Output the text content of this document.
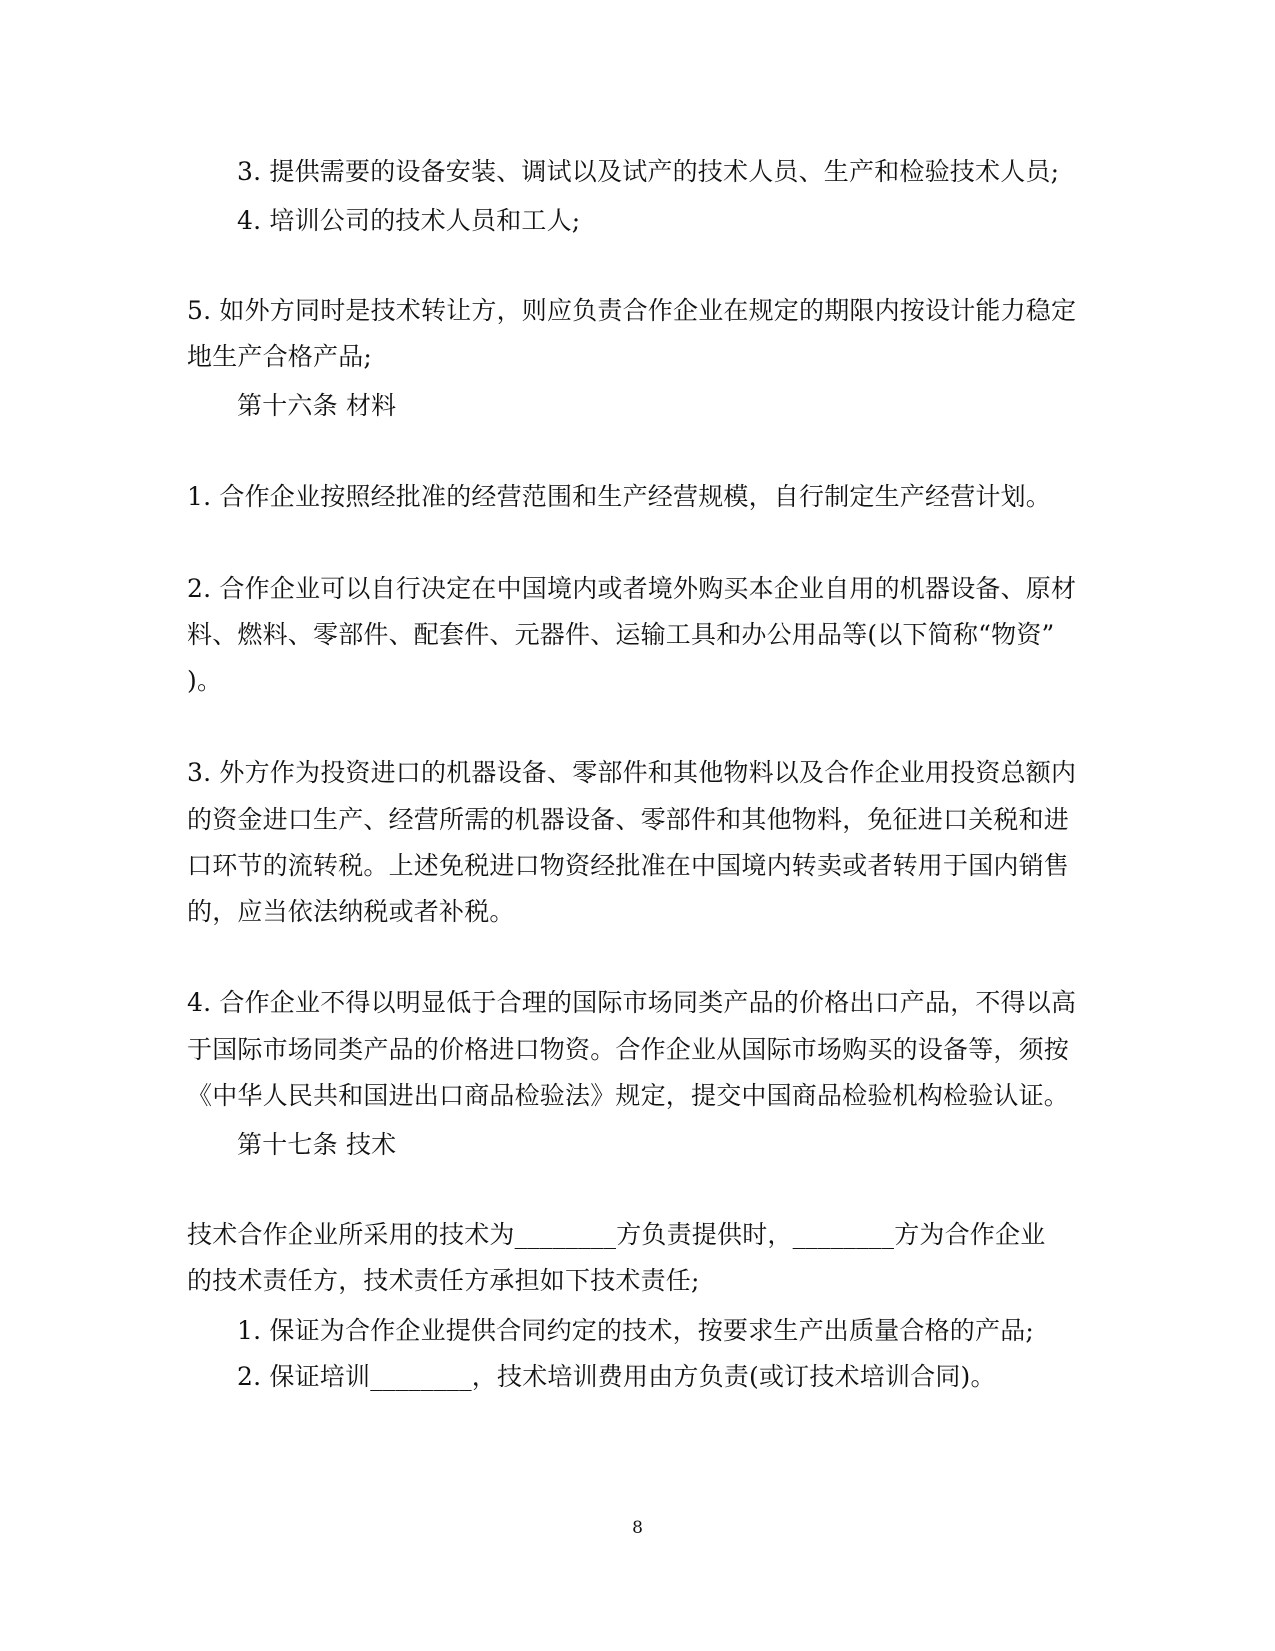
3. 提供需要的设备安装、调试以及试产的技术人员、生产和检验技术人员;
4. 培训公司的技术人员和工人;
5. 如外方同时是技术转让方，则应负责合作企业在规定的期限内按设计能力稳定
地生产合格产品;
第十六条 材料
1. 合作企业按照经批准的经营范围和生产经营规模，自行制定生产经营计划。
2. 合作企业可以自行决定在中国境内或者境外购买本企业自用的机器设备、原材
料、燃料、零部件、配套件、元器件、运输工具和办公用品等(以下简称“物资”
)。
3. 外方作为投资进口的机器设备、零部件和其他物料以及合作企业用投资总额内
的资金进口生产、经营所需的机器设备、零部件和其他物料，免征进口关税和进
口环节的流转税。上述免税进口物资经批准在中国境内转卖或者转用于国内销售
的，应当依法纳税或者补税。
4. 合作企业不得以明显低于合理的国际市场同类产品的价格出口产品，不得以高
于国际市场同类产品的价格进口物资。合作企业从国际市场购买的设备等，须按
《中华人民共和国进出口商品检验法》规定，提交中国商品检验机构检验认证。
第十七条 技术
技术合作企业所采用的技术为________方负责提供时，________方为合作企业
的技术责任方，技术责任方承担如下技术责任;
1. 保证为合作企业提供合同约定的技术，按要求生产出质量合格的产品;
2. 保证培训________，技术培训费用由方负责(或订技术培训合同)。
8
